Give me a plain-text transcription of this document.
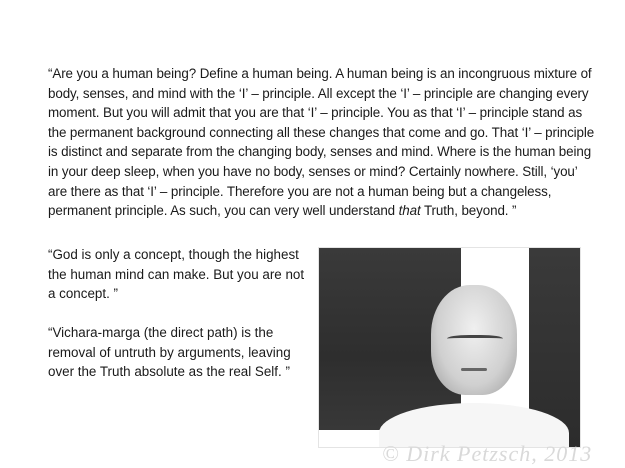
“Are you a human being? Define a human being. A human being is an incongruous mixture of body, senses, and mind with the ‘I’ – principle. All except the ‘I’ – principle are changing every moment. But you will admit that you are that ‘I’ – principle. You as that ‘I’ – principle stand as the permanent background connecting all these changes that come and go. That ‘I’ – principle is distinct and separate from the changing body, senses and mind. Where is the human being in your deep sleep, when you have no body, senses or mind? Certainly nowhere. Still, ‘you’ are there as that ‘I’ – principle. Therefore you are not a human being but a changeless, permanent principle. As such, you can very well understand that Truth, beyond. ”

“God is only a concept, though the highest the human mind can make. But you are not a concept. ”

“Vichara-marga (the direct path) is the removal of untruth by arguments, leaving over the Truth absolute as the real Self. ”

© Dirk Petzsch, 2013
